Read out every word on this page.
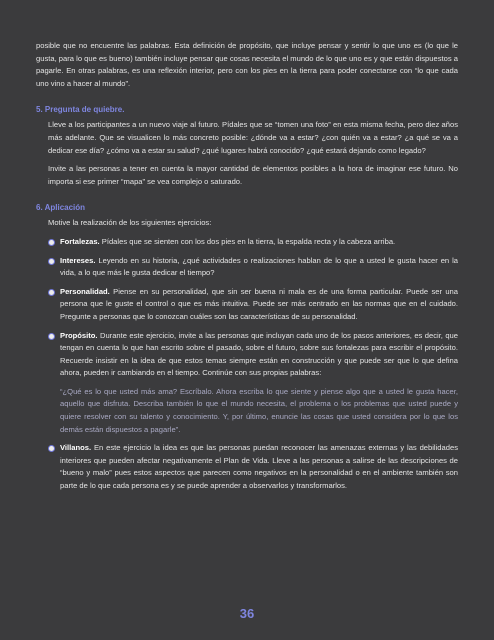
posible que no encuentre las palabras. Esta definición de propósito, que incluye pensar y sentir lo que uno es (lo que le gusta, para lo que es bueno) también incluye pensar que cosas necesita el mundo de lo que uno es y que están dispuestos a pagarle. En otras palabras, es una reflexión interior, pero con los pies en la tierra para poder conectarse con “lo que cada uno vino a hacer al mundo”.

5. Pregunta de quiebre.

Lleve a los participantes a un nuevo viaje al futuro. Pídales que se “tomen una foto” en esta misma fecha, pero diez años más adelante. Que se visualicen lo más concreto posible: ¿dónde va a estar? ¿con quién va a estar? ¿a qué se va a dedicar ese día? ¿cómo va a estar su salud? ¿qué lugares habrá conocido? ¿qué estará dejando como legado?

Invite a las personas a tener en cuenta la mayor cantidad de elementos posibles a la hora de imaginar ese futuro. No importa si ese primer “mapa” se vea complejo o saturado.

6. Aplicación

Motive la realización de los siguientes ejercicios:

Fortalezas. Pídales que se sienten con los dos pies en la tierra, la espalda recta y la cabeza arriba.

Intereses. Leyendo en su historia, ¿qué actividades o realizaciones hablan de lo que a usted le gusta hacer en la vida, a lo que más le gusta dedicar el tiempo?

Personalidad. Piense en su personalidad, que sin ser buena ni mala es de una forma particular. Puede ser una persona que le guste el control o que es más intuitiva. Puede ser más centrado en las normas que en el cuidado. Pregunte a personas que lo conozcan cuáles son las características de su personalidad.

Propósito. Durante este ejercicio, invite a las personas que incluyan cada uno de los pasos anteriores, es decir, que tengan en cuenta lo que han escrito sobre el pasado, sobre el futuro, sobre sus fortalezas para escribir el propósito. Recuerde insistir en la idea de que estos temas siempre están en construcción y que puede ser que lo que defina ahora, pueden ir cambiando en el tiempo. Continúe con sus propias palabras:

“¿Qué es lo que usted más ama? Escríbalo. Ahora escriba lo que siente y piense algo que a usted le gusta hacer, aquello que disfruta. Describa también lo que el mundo necesita, el problema o los problemas que usted puede y quiere resolver con su talento y conocimiento. Y, por último, enuncie las cosas que usted considera por lo que los demás están dispuestos a pagarle”.

Villanos. En este ejercicio la idea es que las personas puedan reconocer las amenazas externas y las debilidades interiores que pueden afectar negativamente el Plan de Vida. Lleve a las personas a salirse de las descripciones de “bueno y malo” pues estos aspectos que parecen como negativos en la personalidad o en el ambiente también son parte de lo que cada persona es y se puede aprender a observarlos y transformarlos.

36
